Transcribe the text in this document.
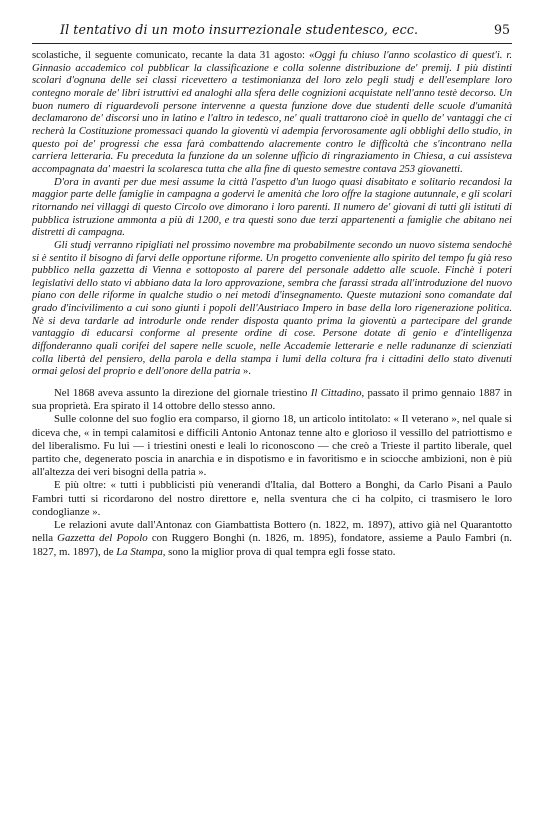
Il tentativo di un moto insurrezionale studentesco, ecc.	95

scolastiche, il seguente comunicato, recante la data 31 agosto: «Oggi fu chiuso l'anno scolastico di quest'i. r. Ginnasio accademico col pubblicar la classificazione e colla solenne distribuzione de' premij. I più distinti scolari d'ognuna delle sei classi ricevettero a testimonianza del loro zelo pegli studj e dell'esemplare loro contegno morale de' libri istruttivi ed analoghi alla sfera delle cognizioni acquistate nell'anno testè decorso. Un buon numero di riguardevoli persone intervenne a questa funzione dove due studenti delle scuole d'umanità declamarono de' discorsi uno in latino e l'altro in tedesco, ne' quali trattarono cioè in quello de' vantaggi che ci recherà la Costituzione promessaci quando la gioventù vi adempia fervorosamente agli obblighi dello studio, in questo poi de' progressi che essa farà combattendo alacremente contro le difficoltà che s'incontrano nella carriera letteraria. Fu preceduta la funzione da un solenne ufficio di ringraziamento in Chiesa, a cui assisteva accompagnata da' maestri la scolaresca tutta che alla fine di questo semestre contava 253 giovanetti.

D'ora in avanti per due mesi assume la città l'aspetto d'un luogo quasi disabitato e solitario recandosi la maggior parte delle famiglie in campagna a godervi le amenità che loro offre la stagione autunnale, e gli scolari ritornando nei villaggi di questo Circolo ove dimorano i loro parenti. Il numero de' giovani di tutti gli istituti di pubblica istruzione ammonta a più di 1200, e tra questi sono due terzi appartenenti a famiglie che abitano nei distretti di campagna.

Gli studj verranno ripigliati nel prossimo novembre ma probabilmente secondo un nuovo sistema sendochè si è sentito il bisogno di farvi delle opportune riforme. Un progetto conveniente allo spirito del tempo fu già reso pubblico nella gazzetta di Vienna e sottoposto al parere del personale addetto alle scuole. Finchè i poteri legislativi dello stato vi abbiano data la loro approvazione, sembra che farassi strada all'introduzione del nuovo piano con delle riforme in qualche studio o nei metodi d'insegnamento. Queste mutazioni sono comandate dal grado d'incivilimento a cui sono giunti i popoli dell'Austriaco Impero in base della loro rigenerazione politica. Nè si deva tardarle ad introdurle onde render disposta quanto prima la gioventù a partecipare del grande vantaggio di educarsi conforme al presente ordine di cose. Persone dotate di genio e d'intelligenza diffonderanno quali corifei del sapere nelle scuole, nelle Accademie letterarie e nelle radunanze di scienziati colla libertà del pensiero, della parola e della stampa i lumi della coltura fra i cittadini dello stato divenuti ormai gelosi del proprio e dell'onore della patria ».

Nel 1868 aveva assunto la direzione del giornale triestino Il Cittadino, passato il primo gennaio 1887 in sua proprietà. Era spirato il 14 ottobre dello stesso anno.

Sulle colonne del suo foglio era comparso, il giorno 18, un articolo intitolato: « Il veterano », nel quale si diceva che, « in tempi calamitosi e difficili Antonio Antonaz tenne alto e glorioso il vessillo del patriottismo e del liberalismo. Fu lui — i triestini onesti e leali lo riconoscono — che creò a Trieste il partito liberale, quel partito che, degenerato poscia in anarchia e in dispotismo e in favoritismo e in sciocche ambizioni, non è più all'altezza dei veri bisogni della patria ».

E più oltre: « tutti i pubblicisti più venerandi d'Italia, dal Bottero a Bonghi, da Carlo Pisani a Paulo Fambri tutti si ricordarono del nostro direttore e, nella sventura che ci ha colpito, ci trasmisero le loro condoglianze ».

Le relazioni avute dall'Antonaz con Giambattista Bottero (n. 1822, m. 1897), attivo già nel Quarantotto nella Gazzetta del Popolo con Ruggero Bonghi (n. 1826, m. 1895), fondatore, assieme a Paulo Fambri (n. 1827, m. 1897), de La Stampa, sono la miglior prova di qual tempra egli fosse stato.
